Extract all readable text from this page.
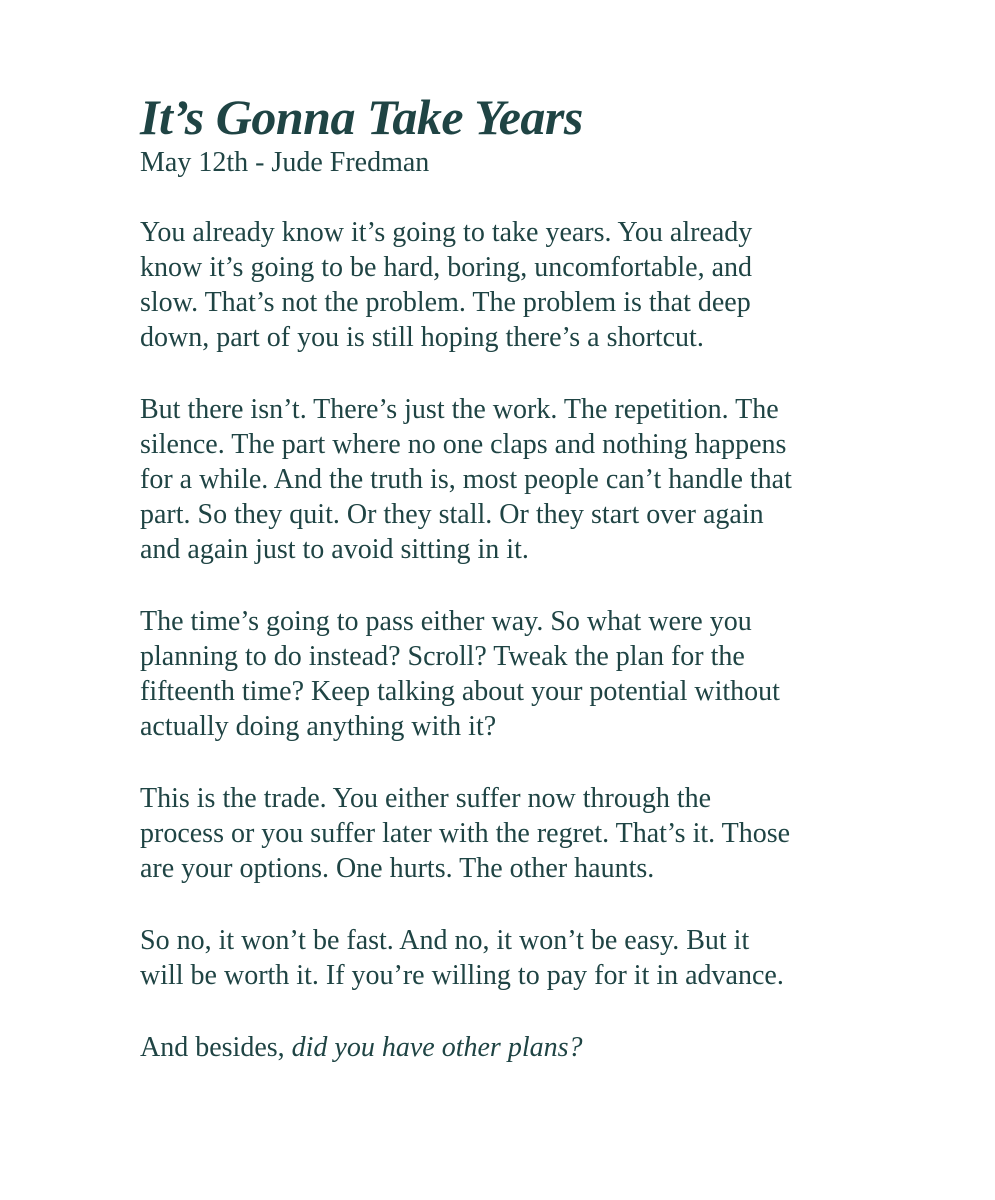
It’s Gonna Take Years

May 12th - Jude Fredman

You already know it’s going to take years. You already
know it’s going to be hard, boring, uncomfortable, and
slow. That’s not the problem. The problem is that deep
down, part of you is still hoping there’s a shortcut.

But there isn’t. There’s just the work. The repetition. The
silence. The part where no one claps and nothing happens
for a while. And the truth is, most people can’t handle that
part. So they quit. Or they stall. Or they start over again
and again just to avoid sitting in it.

The time’s going to pass either way. So what were you
planning to do instead? Scroll? Tweak the plan for the
fifteenth time? Keep talking about your potential without
actually doing anything with it?

This is the trade. You either suffer now through the
process or you suffer later with the regret. That’s it. Those
are your options. One hurts. The other haunts.

So no, it won’t be fast. And no, it won’t be easy. But it
will be worth it. If you’re willing to pay for it in advance.

And besides, did you have other plans?
